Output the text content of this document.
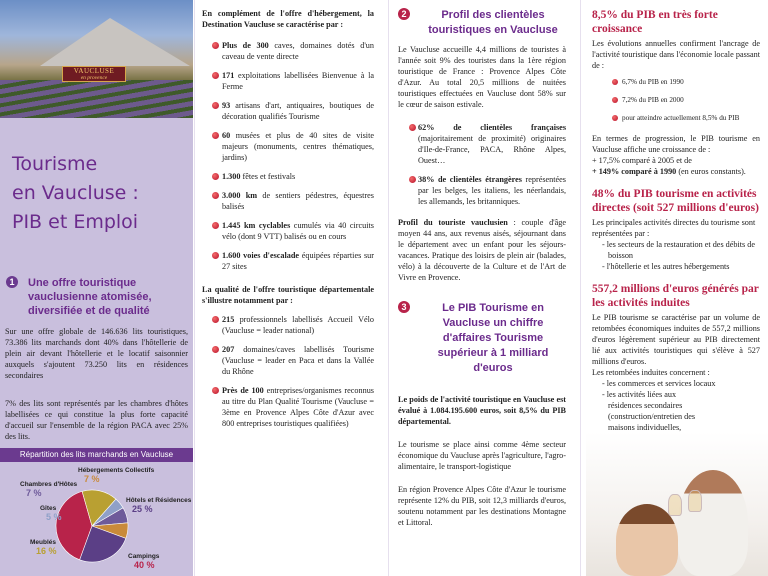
VAUCLUSE
en provence
Tourisme
en Vaucluse :
PIB et Emploi
1	Une offre touristique vauclusienne atomisée, diversifiée et de qualité
Sur une offre globale de 146.636 lits touristiques, 73.386 lits marchands dont 40% dans l'hôtellerie de plein air devant l'hôtellerie et le locatif saisonnier auxquels s'ajoutent 73.250 lits en résidences secondaires
7% des lits sont représentés par les chambres d'hôtes labellisées ce qui constitue la plus forte capacité d'accueil sur l'ensemble de la région PACA avec 25% des lits.
Répartition des lits marchands en Vaucluse
Campings
40 %
Meublés
16 %
Gîtes
5 %
Chambres d'Hôtes
7 %
Hébergements Collectifs
7 %
Hôtels et Résidences
25 %
En complément de l'offre d'hébergement, la Destination Vaucluse se caractérise par :
Plus de 300 caves, domaines dotés d'un caveau de vente directe
171 exploitations labellisées Bienvenue à la Ferme
93 artisans d'art, antiquaires, boutiques de décoration qualifiés Tourisme
60 musées et plus de 40 sites de visite majeurs (monuments, centres thématiques, jardins)
1.300 fêtes et festivals
3.000 km de sentiers pédestres, équestres balisés
1.445 km cyclables cumulés via 40 circuits vélo (dont 9 VTT) balisés ou en cours
1.600 voies d'escalade équipées réparties sur 27 sites
La qualité de l'offre touristique départementale s'illustre notamment par :
215 professionnels labellisés Accueil Vélo (Vaucluse = leader national)
207 domaines/caves labellisés Tourisme (Vaucluse = leader en Paca et dans la Vallée du Rhône
Près de 100 entreprises/organismes reconnus au titre du Plan Qualité Tourisme (Vaucluse = 3ème en Provence Alpes Côte d'Azur avec 800 entreprises touristiques qualifiées)
2	Profil des clientèles touristiques en Vaucluse
Le Vaucluse accueille 4,4 millions de touristes à l'année soit 9% des touristes dans la 1ère région touristique de France : Provence Alpes Côte d'Azur. Au total 20,5 millions de nuitées touristiques effectuées en Vaucluse dont 58% sur le cœur de saison estivale.
62% de clientèles françaises (majoritairement de proximité) originaires d'Ile-de-France, PACA, Rhône Alpes, Ouest…
38% de clientèles étrangères représentées par les belges, les italiens, les néerlandais, les allemands, les britanniques.
Profil du touriste vauclusien : couple d'âge moyen 44 ans, aux revenus aisés, séjournant dans le département avec un enfant pour les séjours-vacances. Pratique des loisirs de plein air (balades, vélo) à la découverte de la Culture et de l'Art de Vivre en Provence.
3	Le PIB Tourisme en Vaucluse un chiffre d'affaires Tourisme supérieur à 1 milliard d'euros
Le poids de l'activité touristique en Vaucluse est évalué à 1.084.195.600 euros, soit 8,5% du PIB départemental.
Le tourisme se place ainsi comme 4ème secteur économique du Vaucluse après l'agriculture, l'agro-alimentaire, le transport-logistique
En région Provence Alpes Côte d'Azur le tourisme représente 12% du PIB, soit 12,3 milliards d'euros, soutenu notamment par les destinations Montagne et Littoral.
8,5% du PIB en très forte croissance
Les évolutions annuelles confirment l'ancrage de l'activité touristique dans l'économie locale passant de :
6,7% du PIB en 1990
7,2% du PIB en 2000
pour atteindre actuellement 8,5% du PIB
En termes de progression, le PIB tourisme en Vaucluse affiche une croissance de :
+ 17,5% comparé à 2005 et de
+ 149% comparé à 1990 (en euros constants).
48% du PIB tourisme en activités directes (soit 527 millions d'euros)
Les principales activités directes du tourisme sont représentées par :
- les secteurs de la restauration et des débits de boisson
- l'hôtellerie et les autres hébergements
557,2 millions d'euros générés par les activités induites
Le PIB tourisme se caractérise par un volume de retombées économiques induites de 557,2 millions d'euros légèrement supérieur au PIB directement lié aux activités touristiques qui s'élève à 527 millions d'euros.
Les retombées induites concernent :
- les commerces et services locaux
- les activités liées aux résidences secondaires (construction/entretien des maisons individuelles,
